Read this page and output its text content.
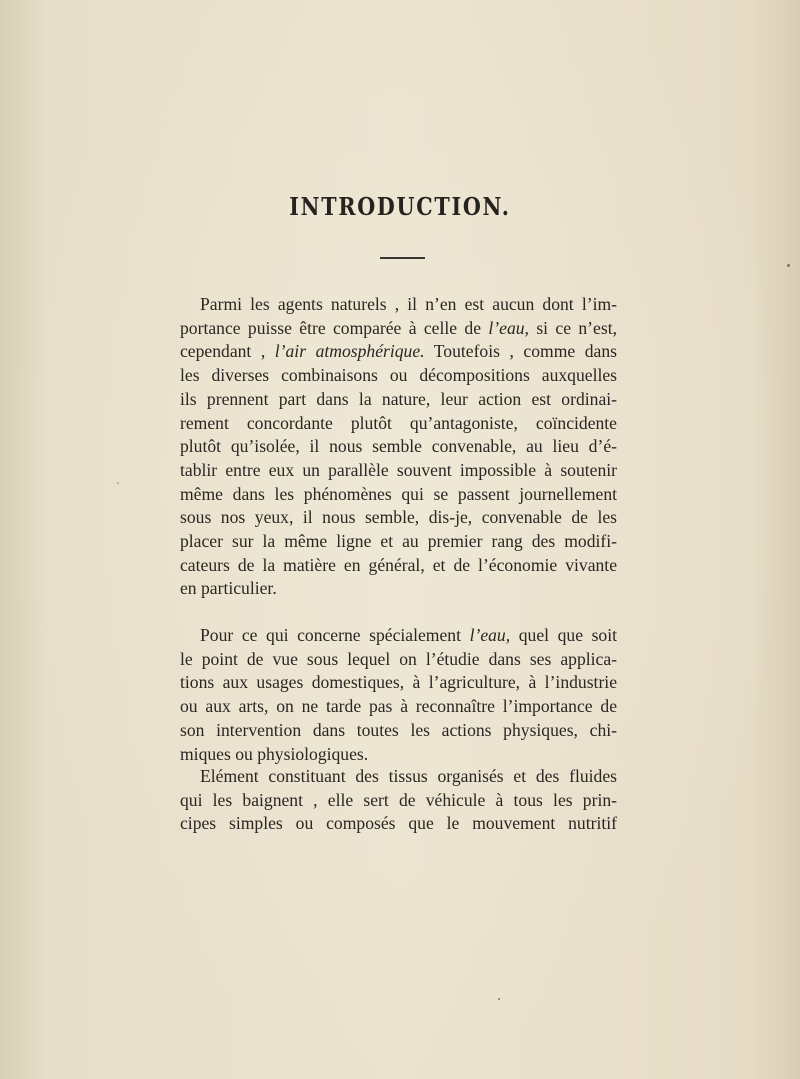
INTRODUCTION.

Parmi les agents naturels , il n’en est aucun dont l’im-
portance puisse être comparée à celle de l’eau, si ce n’est,
cependant , l’air atmosphérique. Toutefois , comme dans
les diverses combinaisons ou décompositions auxquelles
ils prennent part dans la nature, leur action est ordinai-
rement concordante plutôt qu’antagoniste, coïncidente
plutôt qu’isolée, il nous semble convenable, au lieu d’é-
tablir entre eux un parallèle souvent impossible à soutenir
même dans les phénomènes qui se passent journellement
sous nos yeux, il nous semble, dis-je, convenable de les
placer sur la même ligne et au premier rang des modifi-
cateurs de la matière en général, et de l’économie vivante
en particulier.

Pour ce qui concerne spécialement l’eau, quel que soit
le point de vue sous lequel on l’étudie dans ses applica-
tions aux usages domestiques, à l’agriculture, à l’industrie
ou aux arts, on ne tarde pas à reconnaître l’importance de
son intervention dans toutes les actions physiques, chi-
miques ou physiologiques.

Elément constituant des tissus organisés et des fluides
qui les baignent , elle sert de véhicule à tous les prin-
cipes simples ou composés que le mouvement nutritif
